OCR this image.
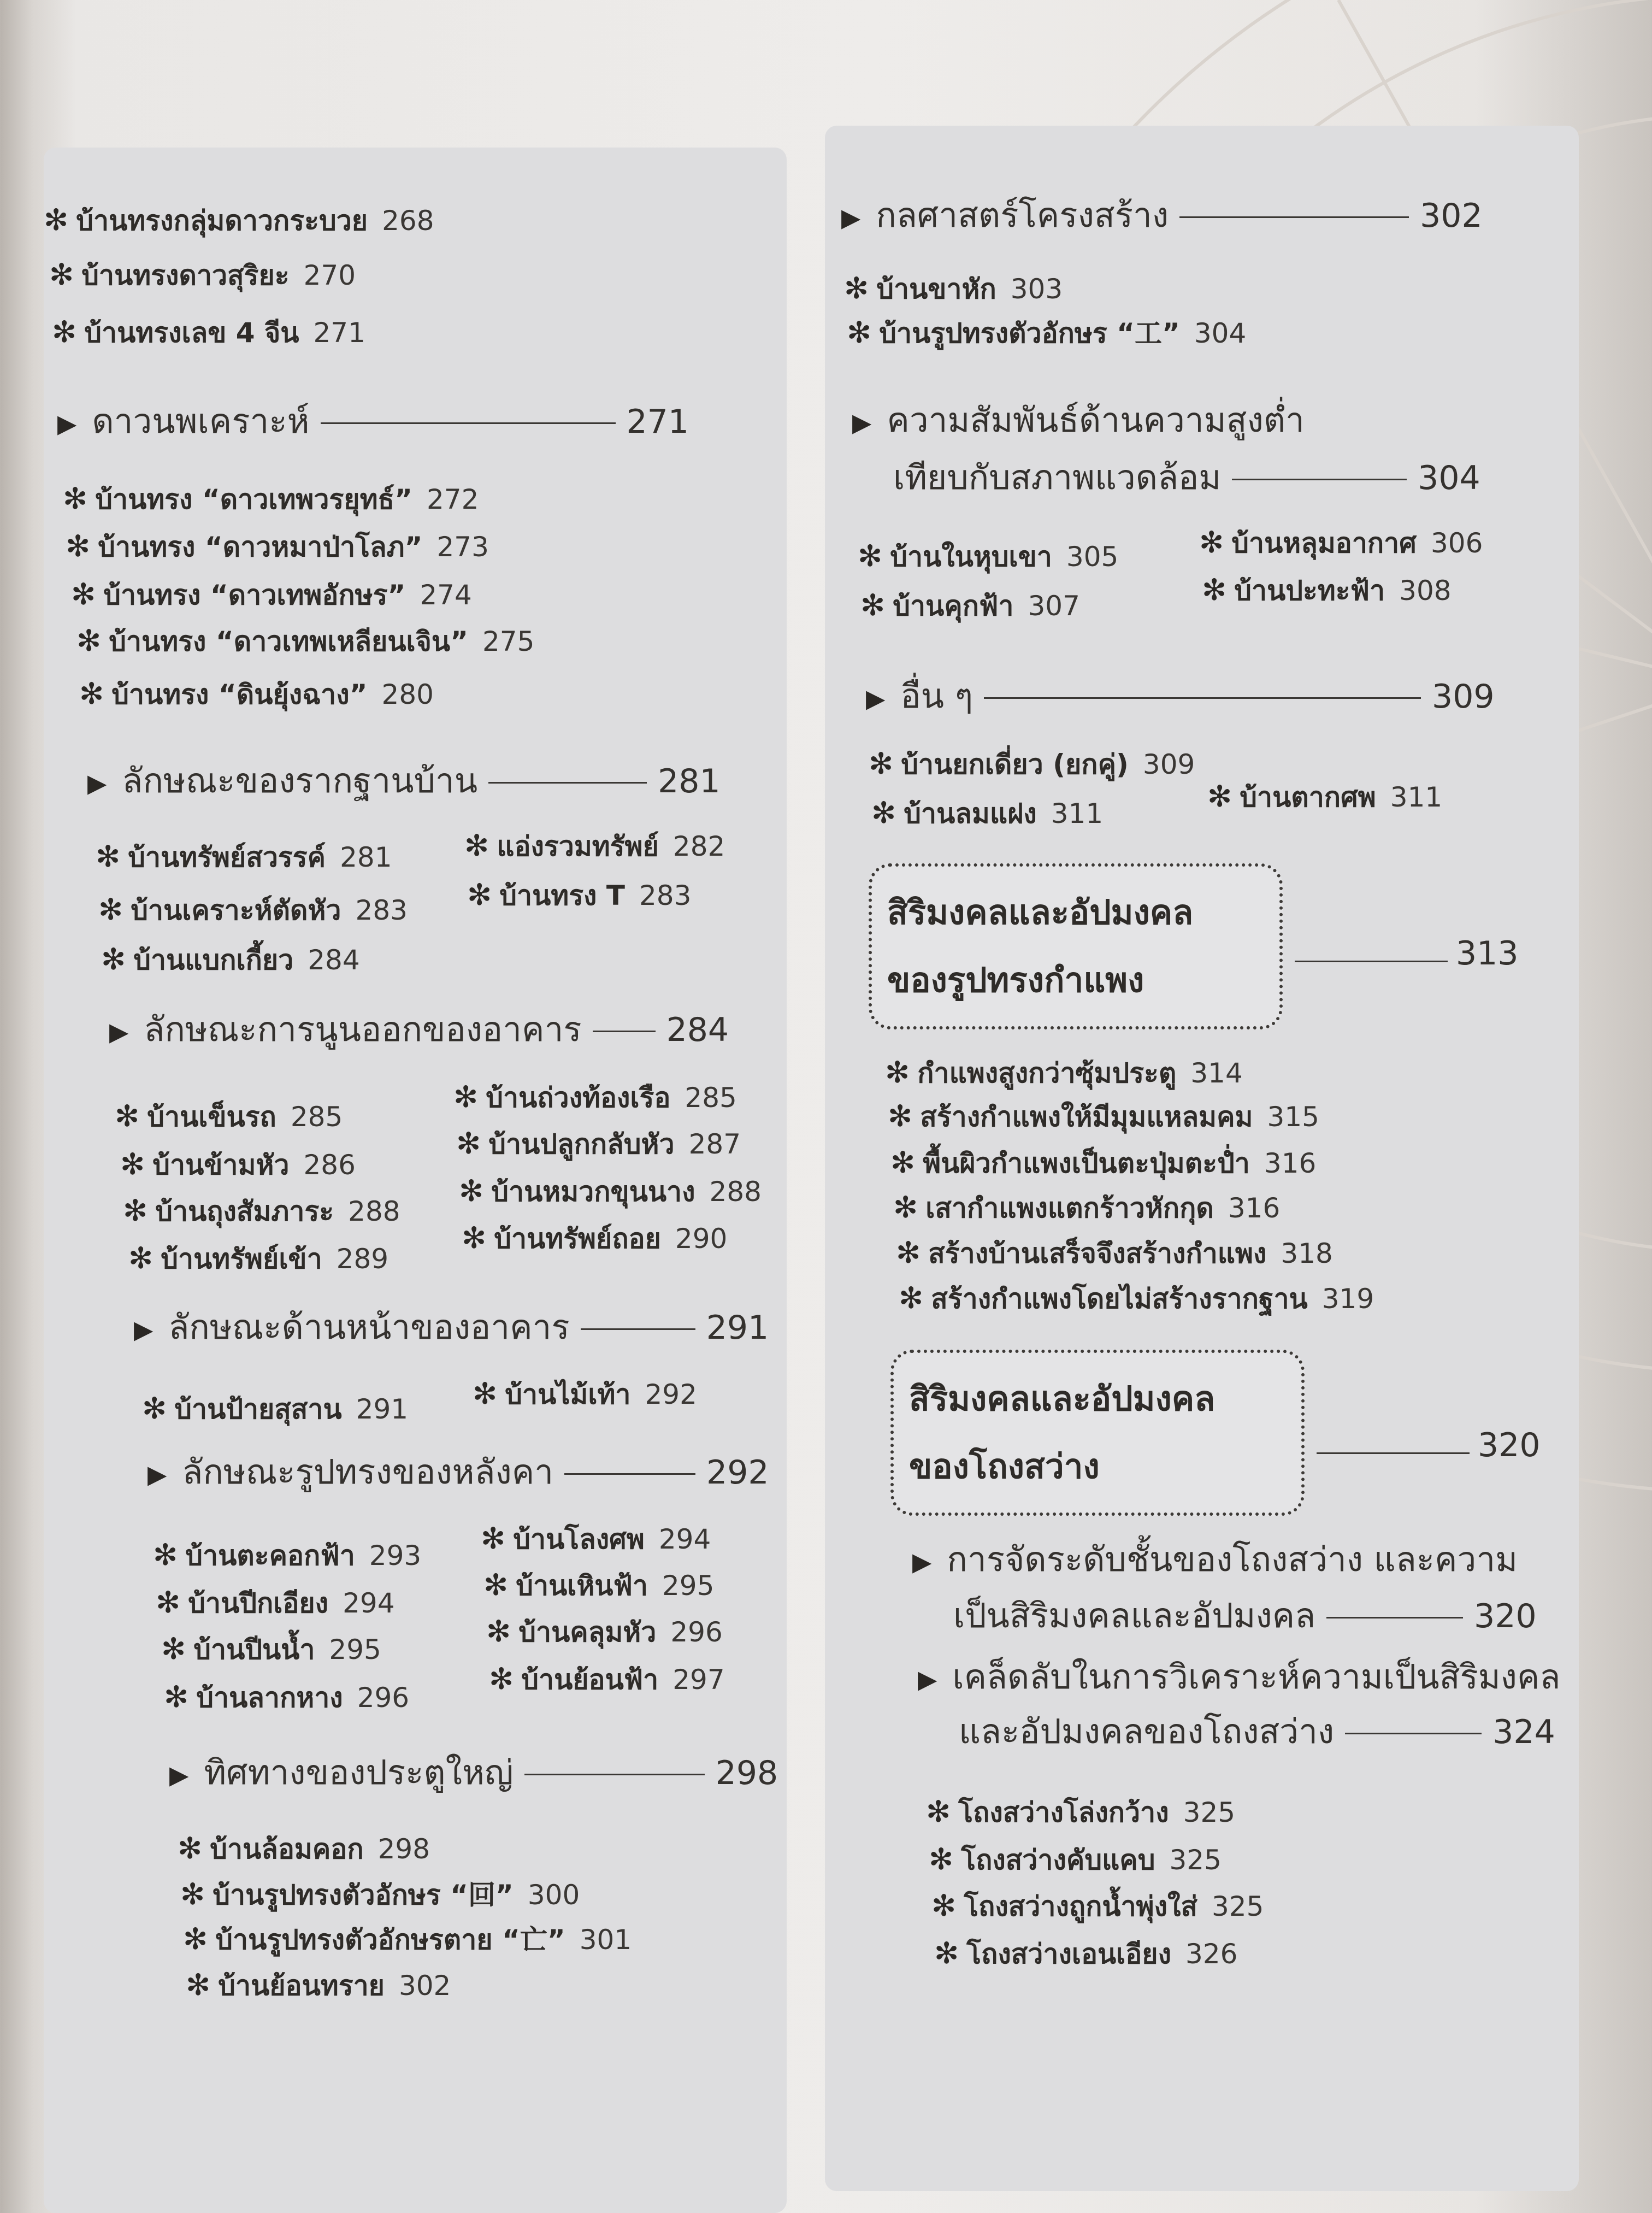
✻ บ้านทรงกลุ่มดาวกระบวย 268
✻ บ้านทรงดาวสุริยะ 270
✻ บ้านทรงเลข 4 จีน 271
▶ ดาวนพเคราะห์	271
✻ บ้านทรง “ดาวเทพวรยุทธ์” 272
✻ บ้านทรง “ดาวหมาป่าโลภ” 273
✻ บ้านทรง “ดาวเทพอักษร” 274
✻ บ้านทรง “ดาวเทพเหลียนเจิน” 275
✻ บ้านทรง “ดินยุ้งฉาง” 280
▶ ลักษณะของรากฐานบ้าน	281
✻ บ้านทรัพย์สวรรค์ 281
✻ บ้านเคราะห์ตัดหัว 283
✻ บ้านแบกเกี้ยว 284
✻ แอ่งรวมทรัพย์ 282
✻ บ้านทรง T 283
▶ ลักษณะการนูนออกของอาคาร	284
✻ บ้านเข็นรถ 285
✻ บ้านข้ามหัว 286
✻ บ้านถุงสัมภาระ 288
✻ บ้านทรัพย์เข้า 289
✻ บ้านถ่วงท้องเรือ 285
✻ บ้านปลูกกลับหัว 287
✻ บ้านหมวกขุนนาง 288
✻ บ้านทรัพย์ถอย 290
▶ ลักษณะด้านหน้าของอาคาร	291
✻ บ้านป้ายสุสาน 291 ✻ บ้านไม้เท้า 292
▶ ลักษณะรูปทรงของหลังคา	292
✻ บ้านตะคอกฟ้า 293
✻ บ้านปีกเอียง 294
✻ บ้านปีนน้ำ 295
✻ บ้านลากหาง 296
✻ บ้านโลงศพ 294
✻ บ้านเหินฟ้า 295
✻ บ้านคลุมหัว 296
✻ บ้านย้อนฟ้า 297
▶ ทิศทางของประตูใหญ่	298
✻ บ้านล้อมคอก 298
✻ บ้านรูปทรงตัวอักษร “回” 300
✻ บ้านรูปทรงตัวอักษรตาย “亡” 301
✻ บ้านย้อนทราย 302
▶ กลศาสตร์โครงสร้าง	302
✻ บ้านขาหัก 303
✻ บ้านรูปทรงตัวอักษร “工” 304
▶ ความสัมพันธ์ด้านความสูงต่ำ
เทียบกับสภาพแวดล้อม	304
✻ บ้านในหุบเขา 305
✻ บ้านคุกฟ้า 307
✻ บ้านหลุมอากาศ 306
✻ บ้านปะทะฟ้า 308
▶ อื่น ๆ	309
✻ บ้านยกเดี่ยว (ยกคู่) 309
✻ บ้านลมแฝง 311	✻ บ้านตากศพ 311
สิริมงคลและอัปมงคล
ของรูปทรงกำแพง
313
✻ กำแพงสูงกว่าซุ้มประตู 314
✻ สร้างกำแพงให้มีมุมแหลมคม 315
✻ พื้นผิวกำแพงเป็นตะปุ่มตะป่ำ 316
✻ เสากำแพงแตกร้าวหักกุด 316
✻ สร้างบ้านเสร็จจึงสร้างกำแพง 318
✻ สร้างกำแพงโดยไม่สร้างรากฐาน 319
สิริมงคลและอัปมงคล
ของโถงสว่าง
320
▶ การจัดระดับชั้นของโถงสว่าง และความ
เป็นสิริมงคลและอัปมงคล	320
▶ เคล็ดลับในการวิเคราะห์ความเป็นสิริมงคล
และอัปมงคลของโถงสว่าง	324
✻ โถงสว่างโล่งกว้าง 325
✻ โถงสว่างคับแคบ 325
✻ โถงสว่างถูกน้ำพุ่งใส่ 325
✻ โถงสว่างเอนเอียง 326
